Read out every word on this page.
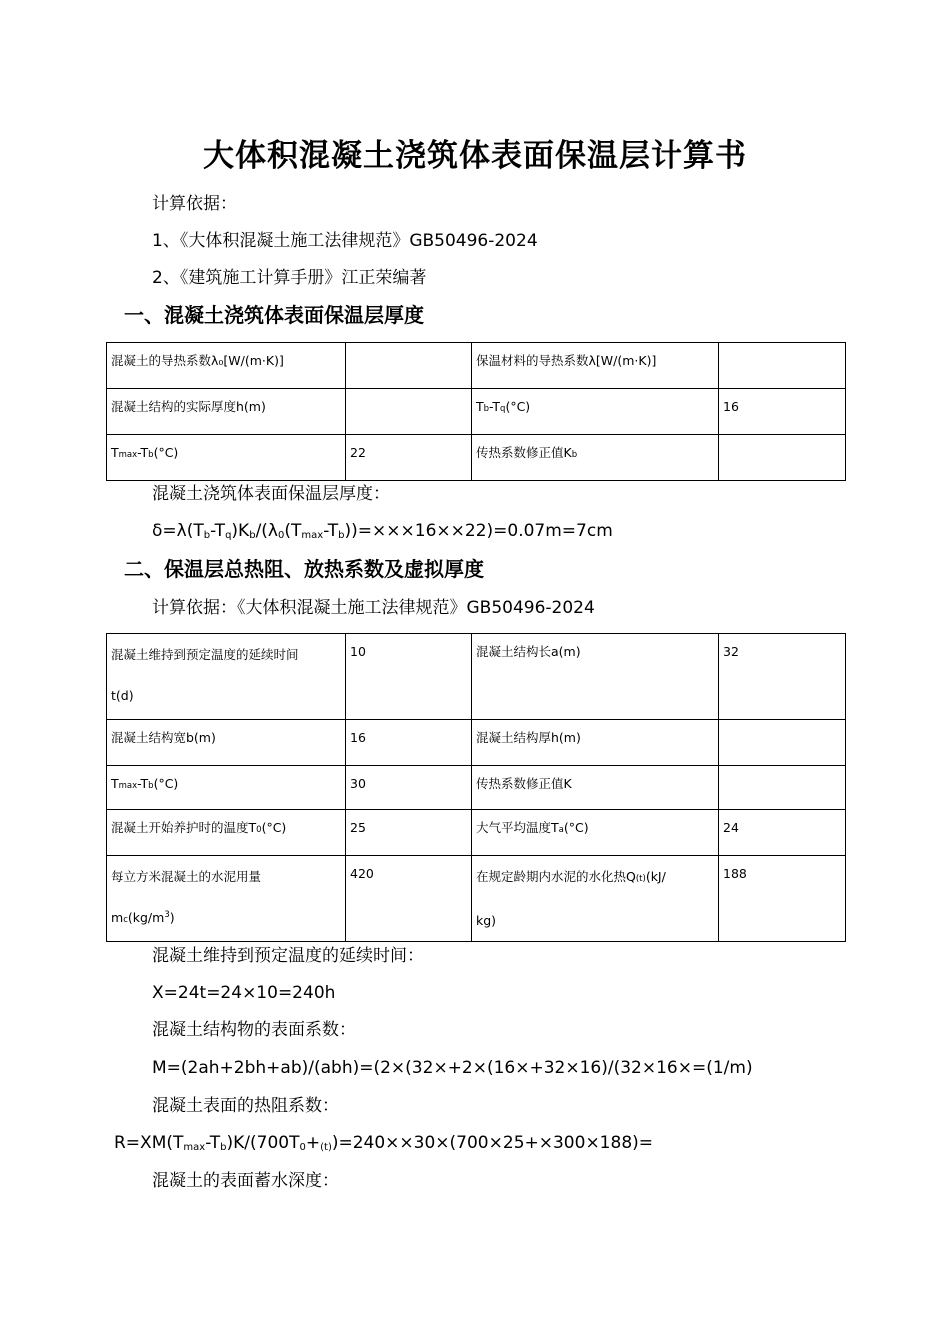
大体积混凝土浇筑体表面保温层计算书
计算依据：
1、《大体积混凝土施工法律规范》GB50496-2024
2、《建筑施工计算手册》江正荣编著
一、混凝土浇筑体表面保温层厚度
混凝土的导热系数λ₀[W/(m·K)]		保温材料的导热系数λ[W/(m·K)]	
混凝土结构的实际厚度h(m)		Tb-Tq(°C)	16
Tmax-Tb(°C)	22	传热系数修正值Kb	
混凝土浇筑体表面保温层厚度：
δ=λ(Tb-Tq)Kb/(λ0(Tmax-Tb))=×××16××22)=0.07m=7cm
二、保温层总热阻、放热系数及虚拟厚度
计算依据：《大体积混凝土施工法律规范》GB50496-2024
混凝土维持到预定温度的延续时间
t(d)	10	混凝土结构长a(m)	32
混凝土结构宽b(m)	16	混凝土结构厚h(m)	
Tmax-Tb(°C)	30	传热系数修正值K	
混凝土开始养护时的温度T0(°C)	25	大气平均温度Ta(°C)	24
每立方米混凝土的水泥用量
$mc(kg/m^3)$	420	在规定龄期内水泥的水化热Q(t)(kJ/
kg)	188
混凝土维持到预定温度的延续时间：
X=24t=24×10=240h
混凝土结构物的表面系数：
M=(2ah+2bh+ab)/(abh)=(2×(32×+2×(16×+32×16)/(32×16×=(1/m)
混凝土表面的热阻系数：
R=XM(Tmax-Tb)K/(700T0+(t))=240××30×(700×25+×300×188)=
混凝土的表面蓄水深度：
